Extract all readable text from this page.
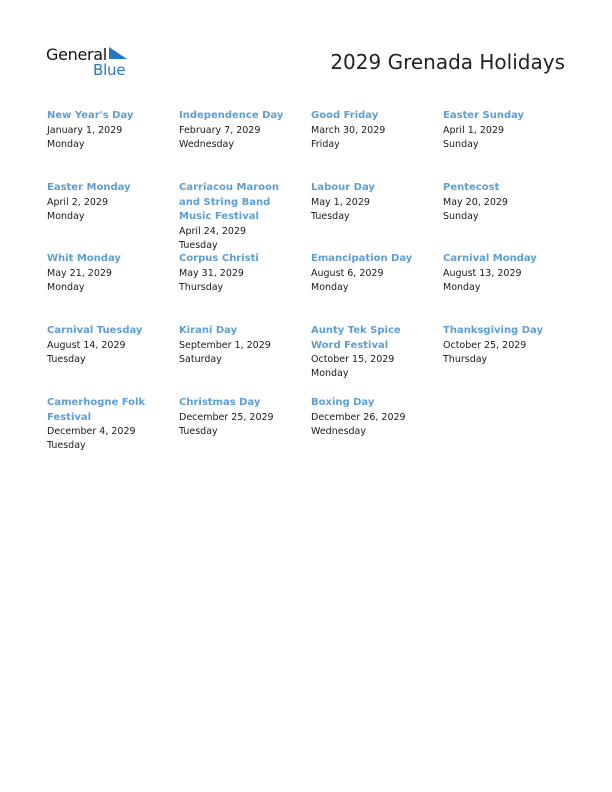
General
Blue	2029 Grenada Holidays
New Year's Day
January 1, 2029
Monday
Independence Day
February 7, 2029
Wednesday
Good Friday
March 30, 2029
Friday
Easter Sunday
April 1, 2029
Sunday
Easter Monday
April 2, 2029
Monday
Carriacou Maroon and String Band Music Festival
April 24, 2029
Tuesday
Labour Day
May 1, 2029
Tuesday
Pentecost
May 20, 2029
Sunday
Whit Monday
May 21, 2029
Monday
Corpus Christi
May 31, 2029
Thursday
Emancipation Day
August 6, 2029
Monday
Carnival Monday
August 13, 2029
Monday
Carnival Tuesday
August 14, 2029
Tuesday
Kirani Day
September 1, 2029
Saturday
Aunty Tek Spice Word Festival
October 15, 2029
Monday
Thanksgiving Day
October 25, 2029
Thursday
Camerhogne Folk Festival
December 4, 2029
Tuesday
Christmas Day
December 25, 2029
Tuesday
Boxing Day
December 26, 2029
Wednesday
